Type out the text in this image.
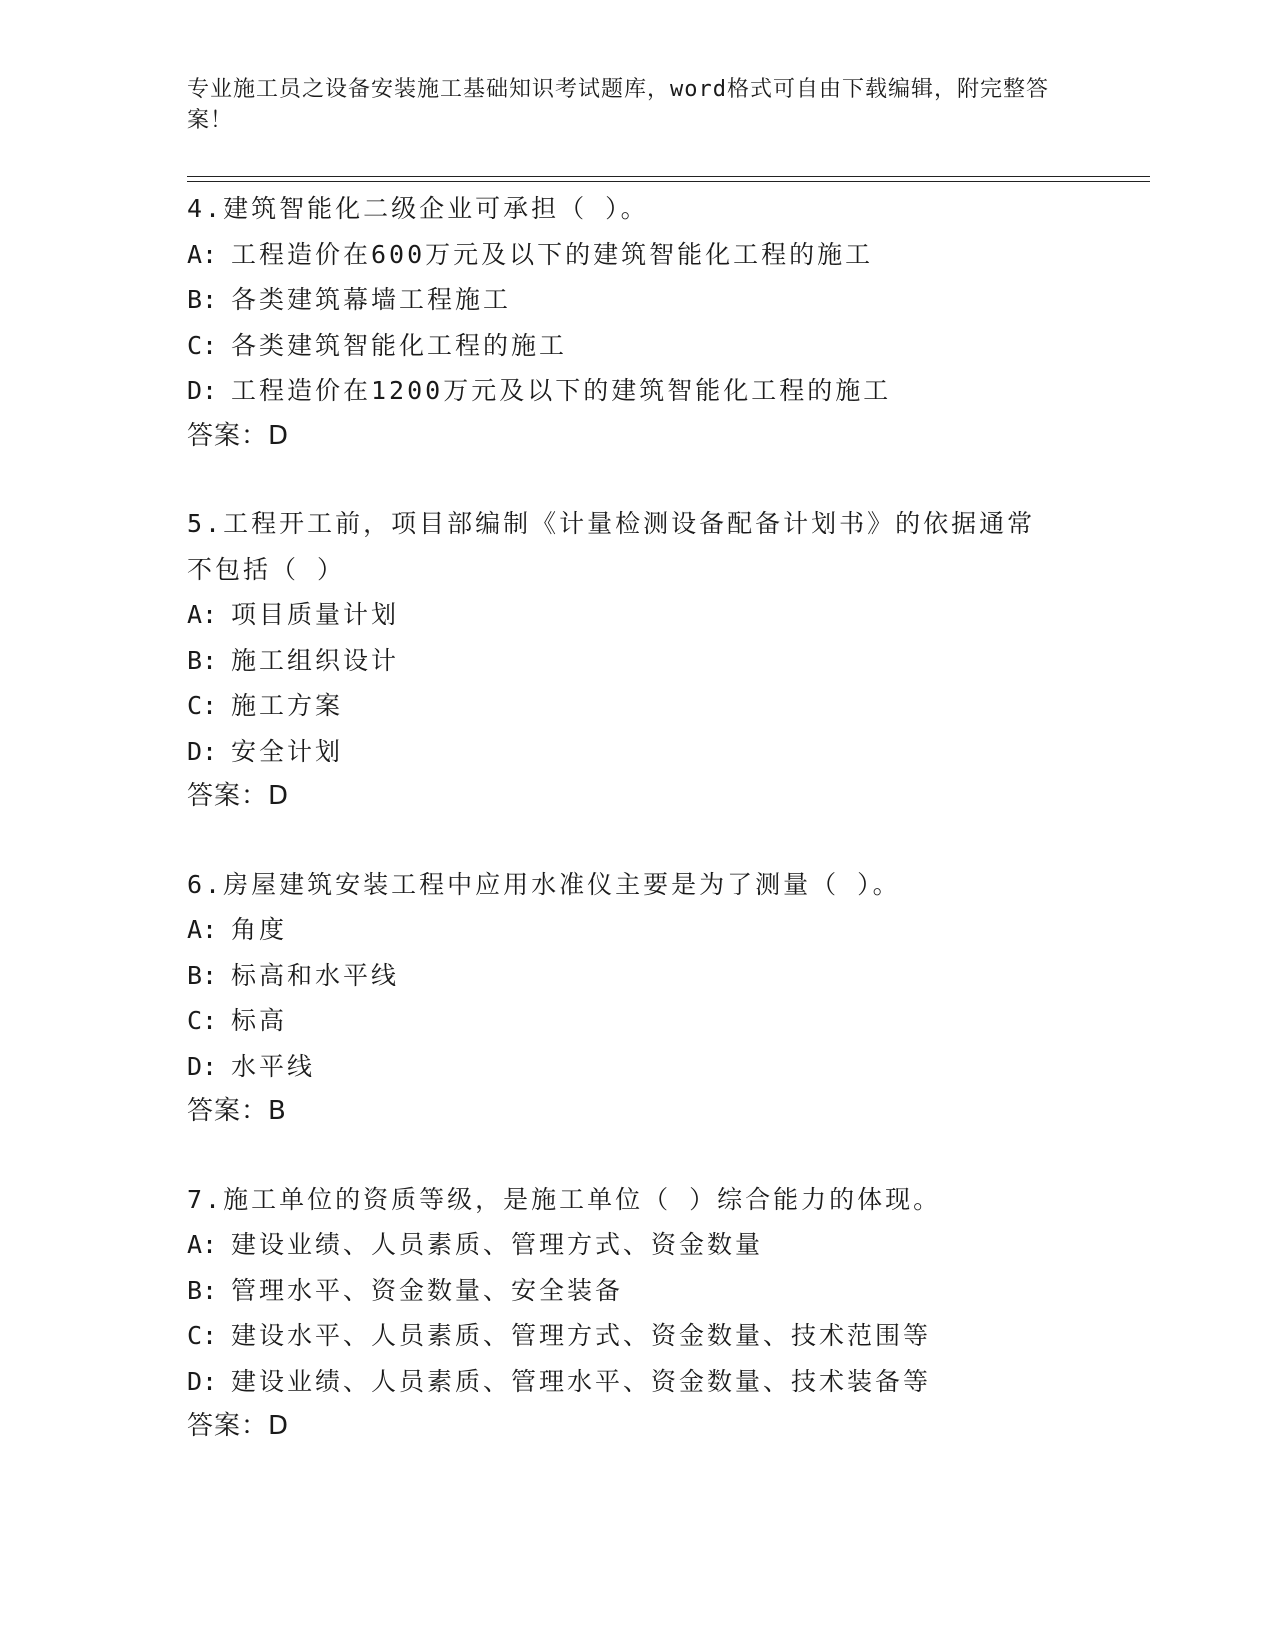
专业施工员之设备安装施工基础知识考试题库，word格式可自由下载编辑，附完整答案！
4.建筑智能化二级企业可承担（ ）。
A: 工程造价在600万元及以下的建筑智能化工程的施工
B: 各类建筑幕墙工程施工
C: 各类建筑智能化工程的施工
D: 工程造价在1200万元及以下的建筑智能化工程的施工
答案：D
5.工程开工前，项目部编制《计量检测设备配备计划书》的依据通常不包括（ ）
A: 项目质量计划
B: 施工组织设计
C: 施工方案
D: 安全计划
答案：D
6.房屋建筑安装工程中应用水准仪主要是为了测量（ ）。
A: 角度
B: 标高和水平线
C: 标高
D: 水平线
答案：B
7.施工单位的资质等级，是施工单位（ ）综合能力的体现。
A: 建设业绩、人员素质、管理方式、资金数量
B: 管理水平、资金数量、安全装备
C: 建设水平、人员素质、管理方式、资金数量、技术范围等
D: 建设业绩、人员素质、管理水平、资金数量、技术装备等
答案：D
